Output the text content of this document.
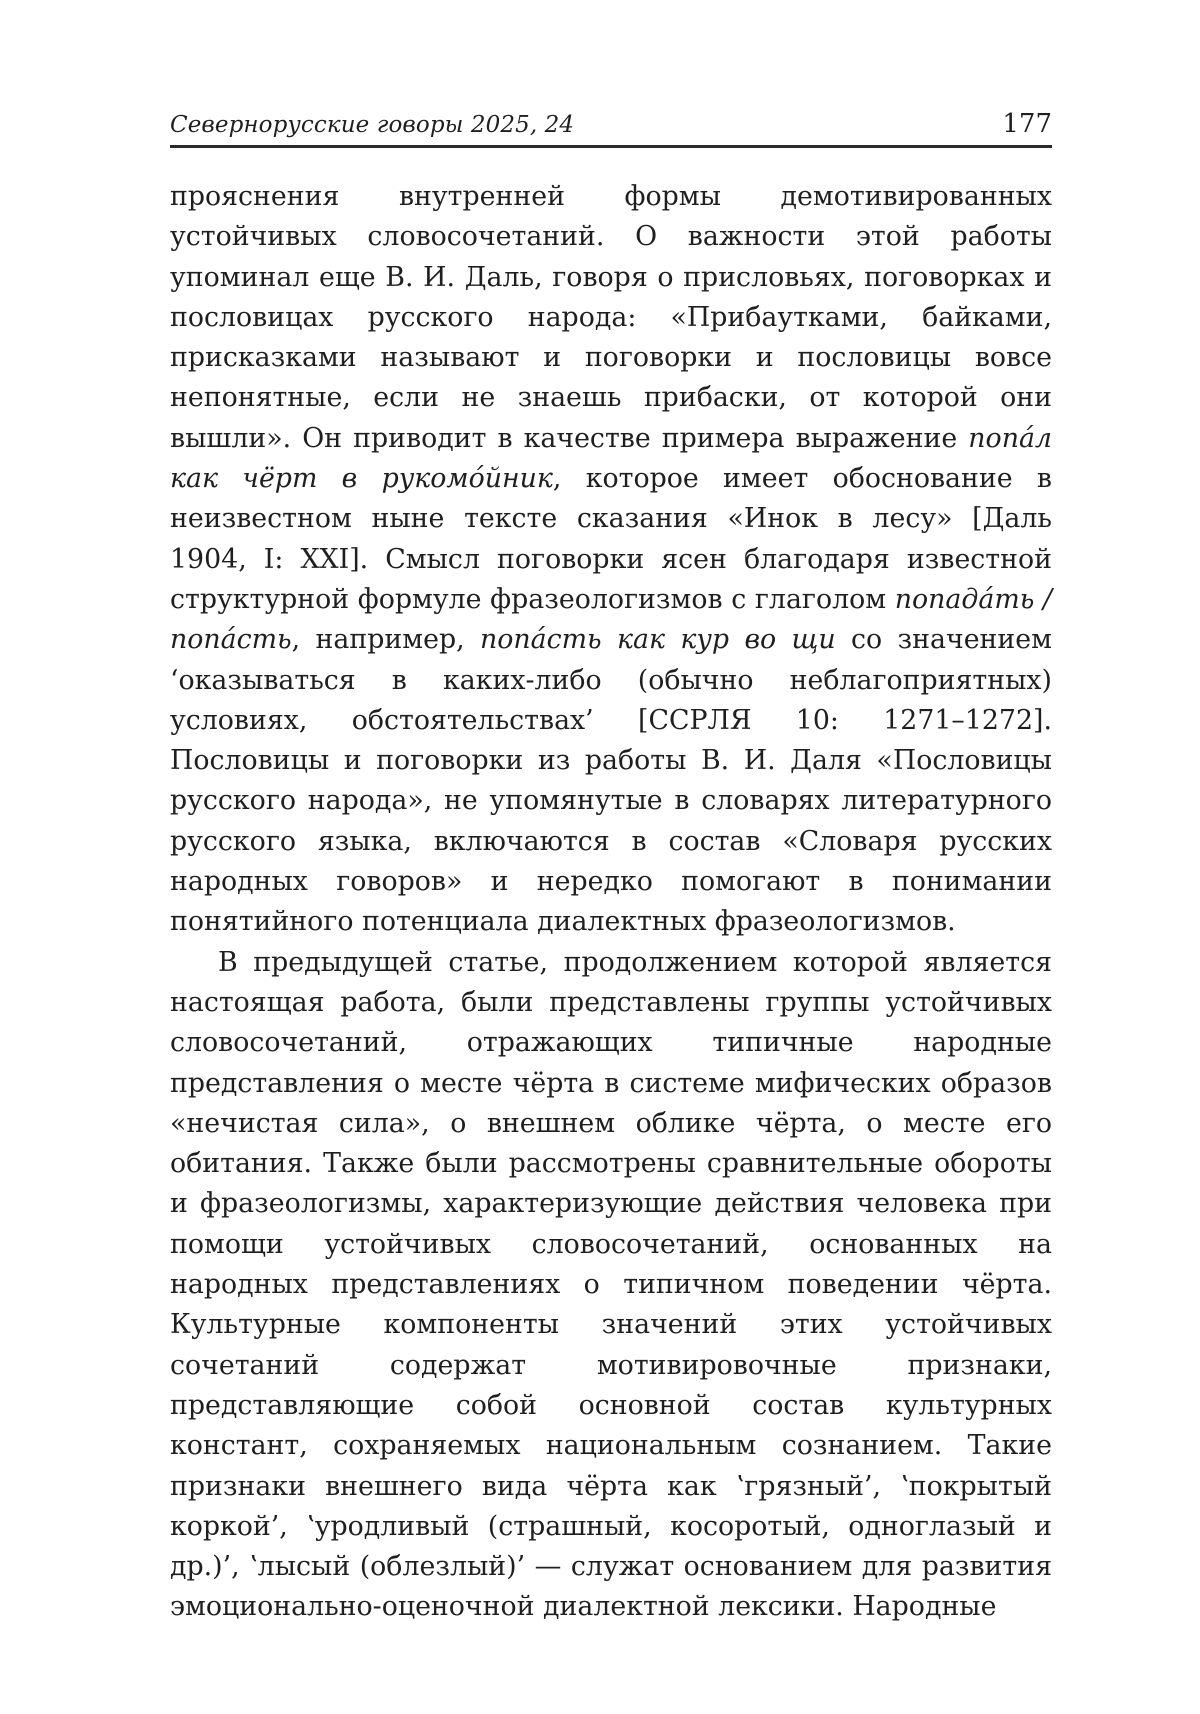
Севернорусские говоры 2025, 24	177

прояснения внутренней формы демотивированных устойчивых словосочетаний. О важности этой работы упоминал еще В. И. Даль, говоря о присловьях, поговорках и пословицах русского народа: «Прибаутками, байками, присказками называют и поговорки и пословицы вовсе непонятные, если не знаешь прибаски, от которой они вышли». Он приводит в качестве примера выражение попа́л как чёрт в рукомо́йник, которое имеет обоснование в неизвестном ныне тексте сказания «Инок в лесу» [Даль 1904, I: XXI]. Смысл поговорки ясен благодаря известной структурной формуле фразеологизмов с глаголом попада́ть / попа́сть, например, попа́сть как кур во щи со значением ‘оказываться в каких-либо (обычно неблагоприятных) условиях, обстоятельствах’ [ССРЛЯ 10: 1271–1272]. Пословицы и поговорки из работы В. И. Даля «Пословицы русского народа», не упомянутые в словарях литературного русского языка, включаются в состав «Словаря русских народных говоров» и нередко помогают в понимании понятийного потенциала диалектных фразеологизмов.

В предыдущей статье, продолжением которой является настоящая работа, были представлены группы устойчивых словосочетаний, отражающих типичные народные представления о месте чёрта в системе мифических образов «нечистая сила», о внешнем облике чёрта, о месте его обитания. Также были рассмотрены сравнительные обороты и фразеологизмы, характеризующие действия человека при помощи устойчивых словосочетаний, основанных на народных представлениях о типичном поведении чёрта. Культурные компоненты значений этих устойчивых сочетаний содержат мотивировочные признаки, представляющие собой основной состав культурных констант, сохраняемых национальным сознанием. Такие признаки внешнего вида чёрта как ʽгрязный’, ʽпокрытый коркой’, ʽуродливый (страшный, косоротый, одноглазый и др.)’, ʽлысый (облезлый)’ — служат основанием для развития эмоционально-оценочной диалектной лексики. Народные
